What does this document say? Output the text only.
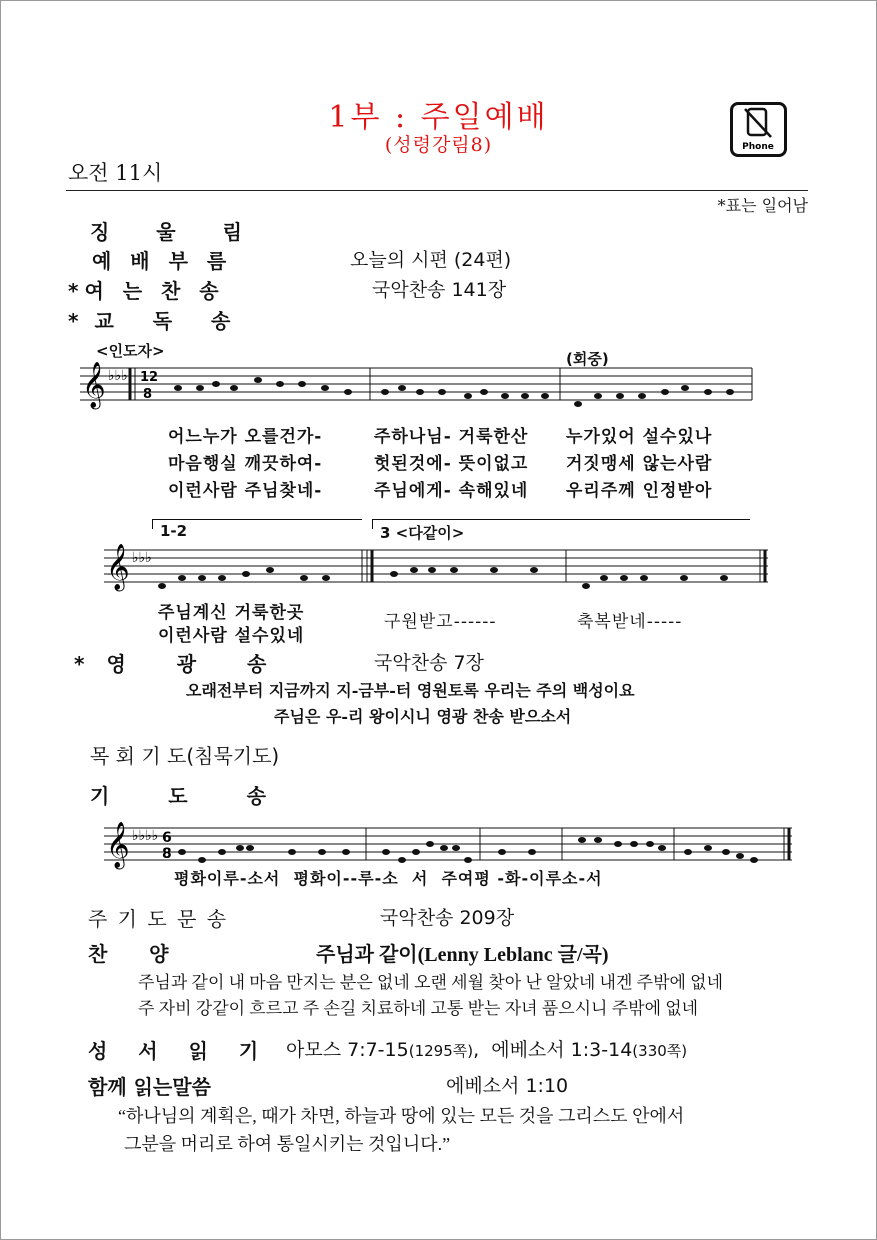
1부 : 주일예배
(성령강림8)	Phone
오전 11시
*표는 일어남
징 울 림
예 배 부 름	오늘의 시편 (24편)
*여 는 찬 송	국악찬송 141장
*교 독 송
<인도자>	(회중)
𝄞 ♭♭♭ 12
8
어느누가 오를건가-	주하나님- 거룩한산 누가있어 설수있나
마음행실 깨끗하여-	헛된것에- 뜻이없고 거짓맹세 않는사람
이런사람 주님찾네-	주님에게- 속해있네 우리주께 인정받아
1-2	3 <다같이>
𝄞 ♭♭♭
주님계신 거룩한곳
이런사람 설수있네
구원받고------	축복받네-----
*영 광 송	국악찬송 7장
오래전부터 지금까지 지-금부-터 영원토록 우리는 주의 백성이요
주님은 우-리 왕이시니 영광 찬송 받으소서
목 회 기 도(침묵기도)
기 도 송
𝄞 ♭♭♭♭ 6
8
평화이루-소서  평화이--루-소  서  주여평 -화-이루소-서
주 기 도 문 송	국악찬송 209장
찬      양	주님과 같이(Lenny Leblanc 글/곡)
주님과 같이 내 마음 만지는 분은 없네 오랜 세월 찾아 난 알았네 내겐 주밖에 없네
주 자비 강같이 흐르고 주 손길 치료하네 고통 받는 자녀 품으시니 주밖에 없네
성 서 읽 기 아모스 7:7-15(1295쪽),  에베소서 1:3-14(330쪽)
함께 읽는말씀	에베소서 1:10
“하나님의 계획은, 때가 차면, 하늘과 땅에 있는 모든 것을 그리스도 안에서
그분을 머리로 하여 통일시키는 것입니다.”
